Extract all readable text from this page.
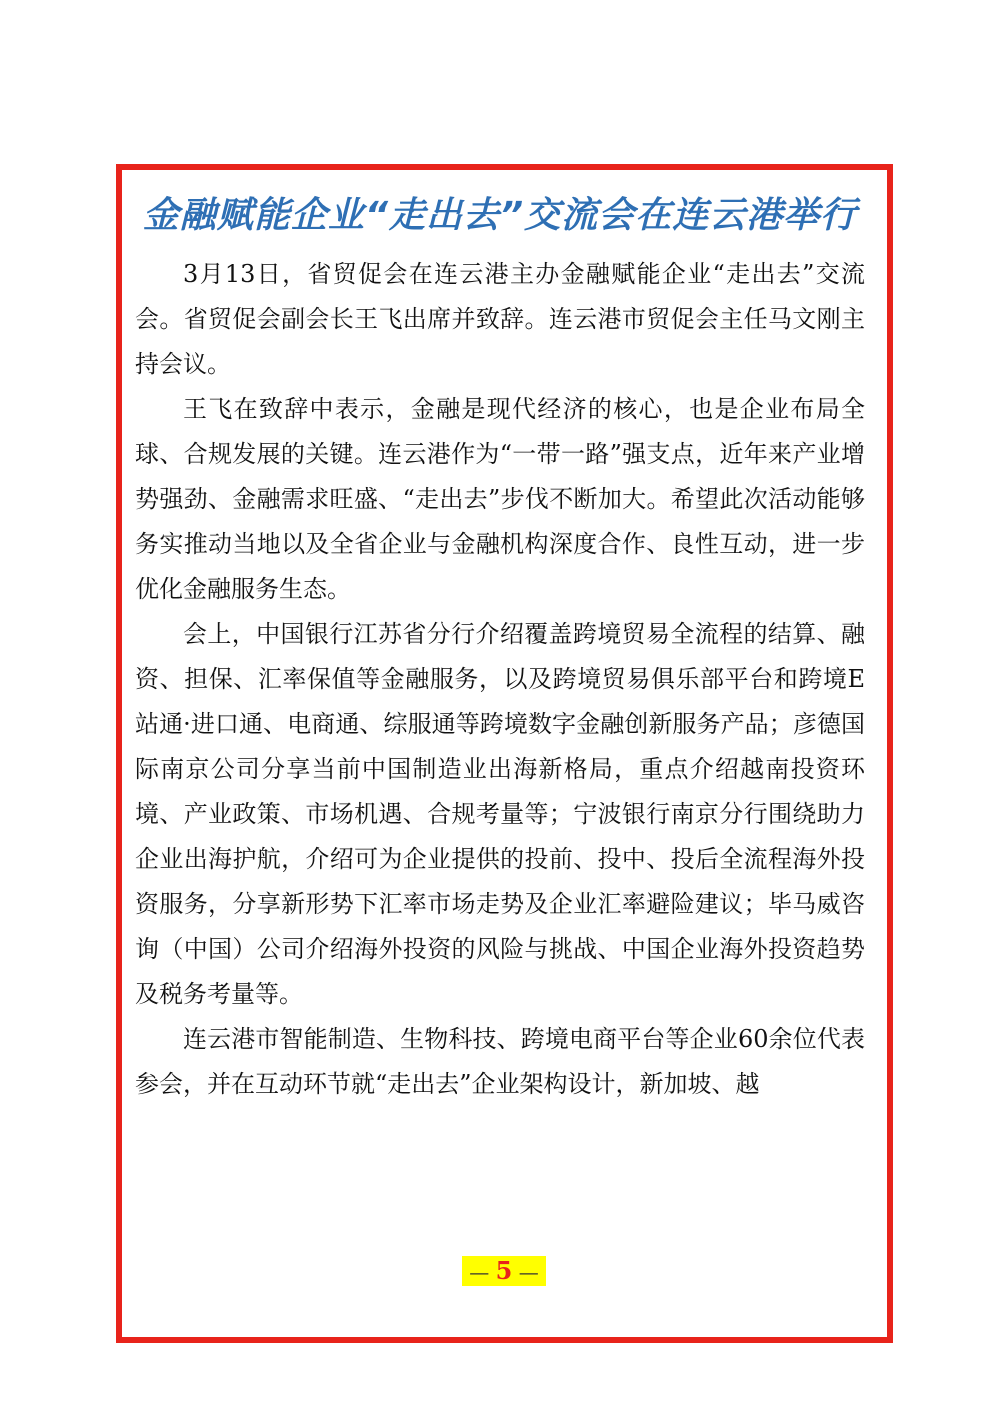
金融赋能企业“走出去”交流会在连云港举行

3月13日，省贸促会在连云港主办金融赋能企业“走出去”交流会。省贸促会副会长王飞出席并致辞。连云港市贸促会主任马文刚主持会议。

王飞在致辞中表示，金融是现代经济的核心，也是企业布局全球、合规发展的关键。连云港作为“一带一路”强支点，近年来产业增势强劲、金融需求旺盛、“走出去”步伐不断加大。希望此次活动能够务实推动当地以及全省企业与金融机构深度合作、良性互动，进一步优化金融服务生态。

会上，中国银行江苏省分行介绍覆盖跨境贸易全流程的结算、融资、担保、汇率保值等金融服务，以及跨境贸易俱乐部平台和跨境E站通·进口通、电商通、综服通等跨境数字金融创新服务产品；彦德国际南京公司分享当前中国制造业出海新格局，重点介绍越南投资环境、产业政策、市场机遇、合规考量等；宁波银行南京分行围绕助力企业出海护航，介绍可为企业提供的投前、投中、投后全流程海外投资服务，分享新形势下汇率市场走势及企业汇率避险建议；毕马威咨询（中国）公司介绍海外投资的风险与挑战、中国企业海外投资趋势及税务考量等。

连云港市智能制造、生物科技、跨境电商平台等企业60余位代表参会，并在互动环节就“走出去”企业架构设计，新加坡、越

— 5 —
